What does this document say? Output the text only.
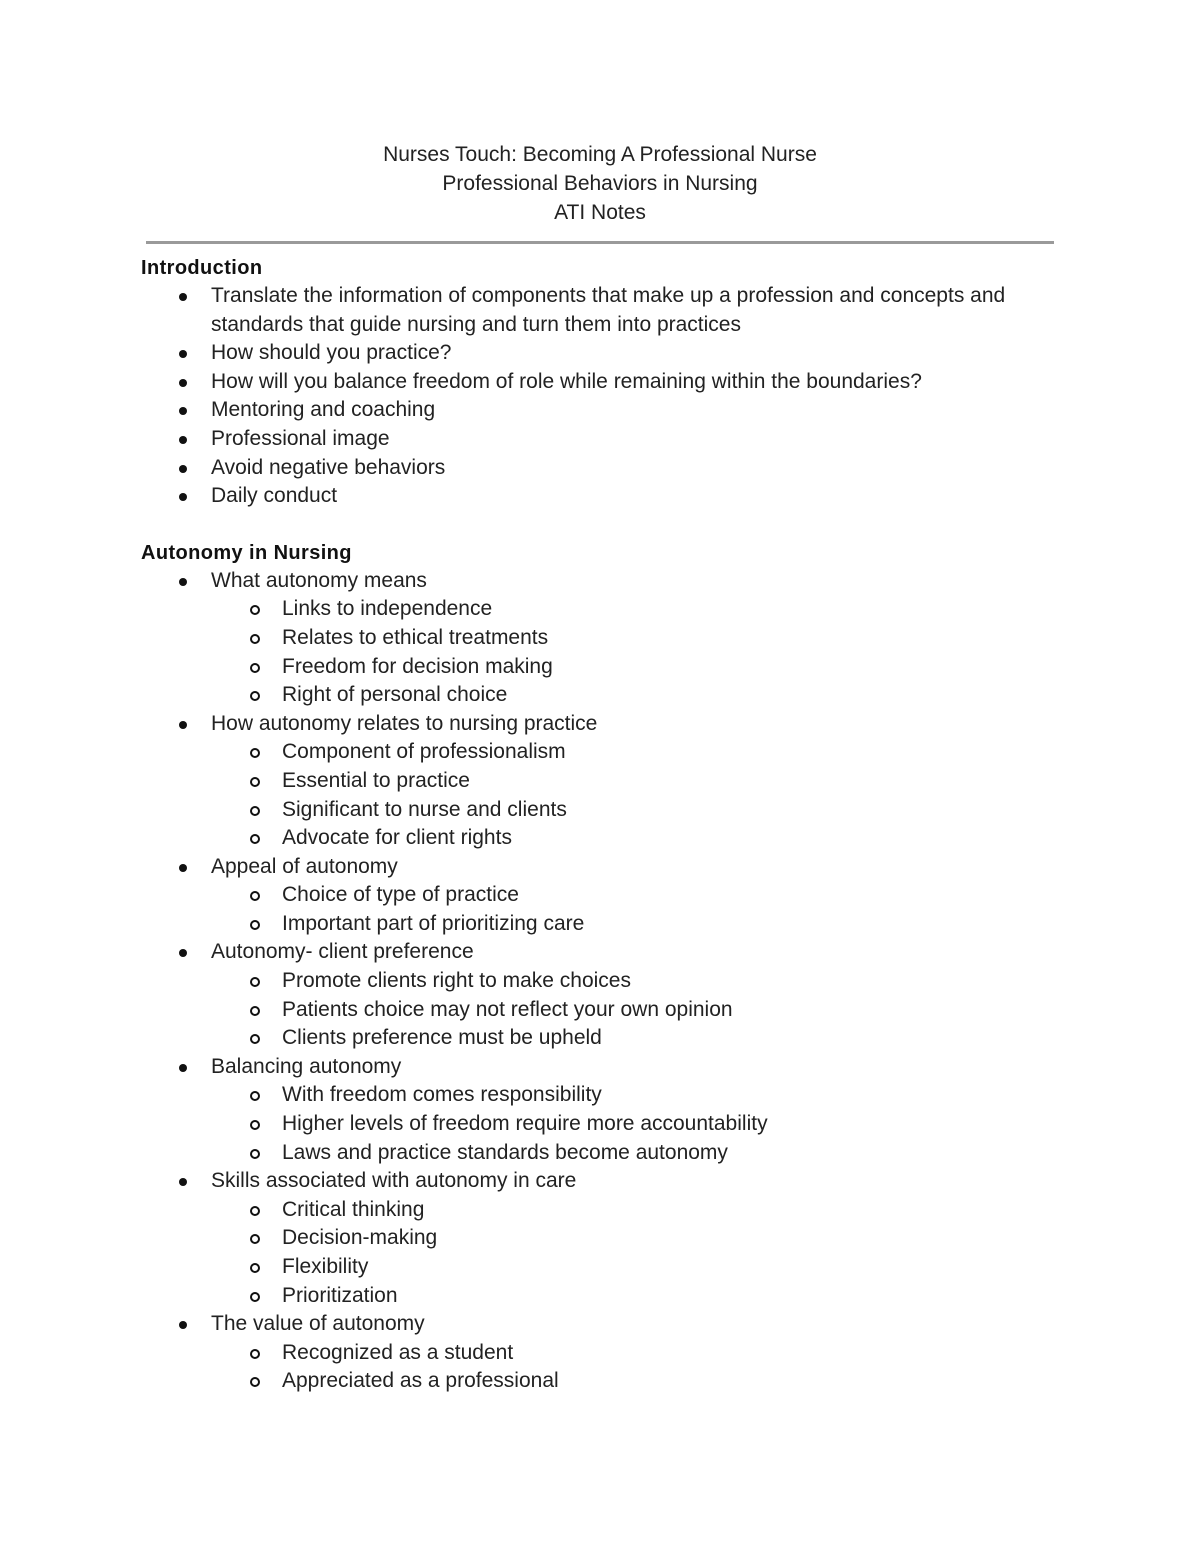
Nurses Touch: Becoming A Professional Nurse
Professional Behaviors in Nursing
ATI Notes
Introduction
Translate the information of components that make up a profession and concepts and standards that guide nursing and turn them into practices
How should you practice?
How will you balance freedom of role while remaining within the boundaries?
Mentoring and coaching
Professional image
Avoid negative behaviors
Daily conduct
Autonomy in Nursing
What autonomy means
Links to independence
Relates to ethical treatments
Freedom for decision making
Right of personal choice
How autonomy relates to nursing practice
Component of professionalism
Essential to practice
Significant to nurse and clients
Advocate for client rights
Appeal of autonomy
Choice of type of practice
Important part of prioritizing care
Autonomy- client preference
Promote clients right to make choices
Patients choice may not reflect your own opinion
Clients preference must be upheld
Balancing autonomy
With freedom comes responsibility
Higher levels of freedom require more accountability
Laws and practice standards become autonomy
Skills associated with autonomy in care
Critical thinking
Decision-making
Flexibility
Prioritization
The value of autonomy
Recognized as a student
Appreciated as a professional
